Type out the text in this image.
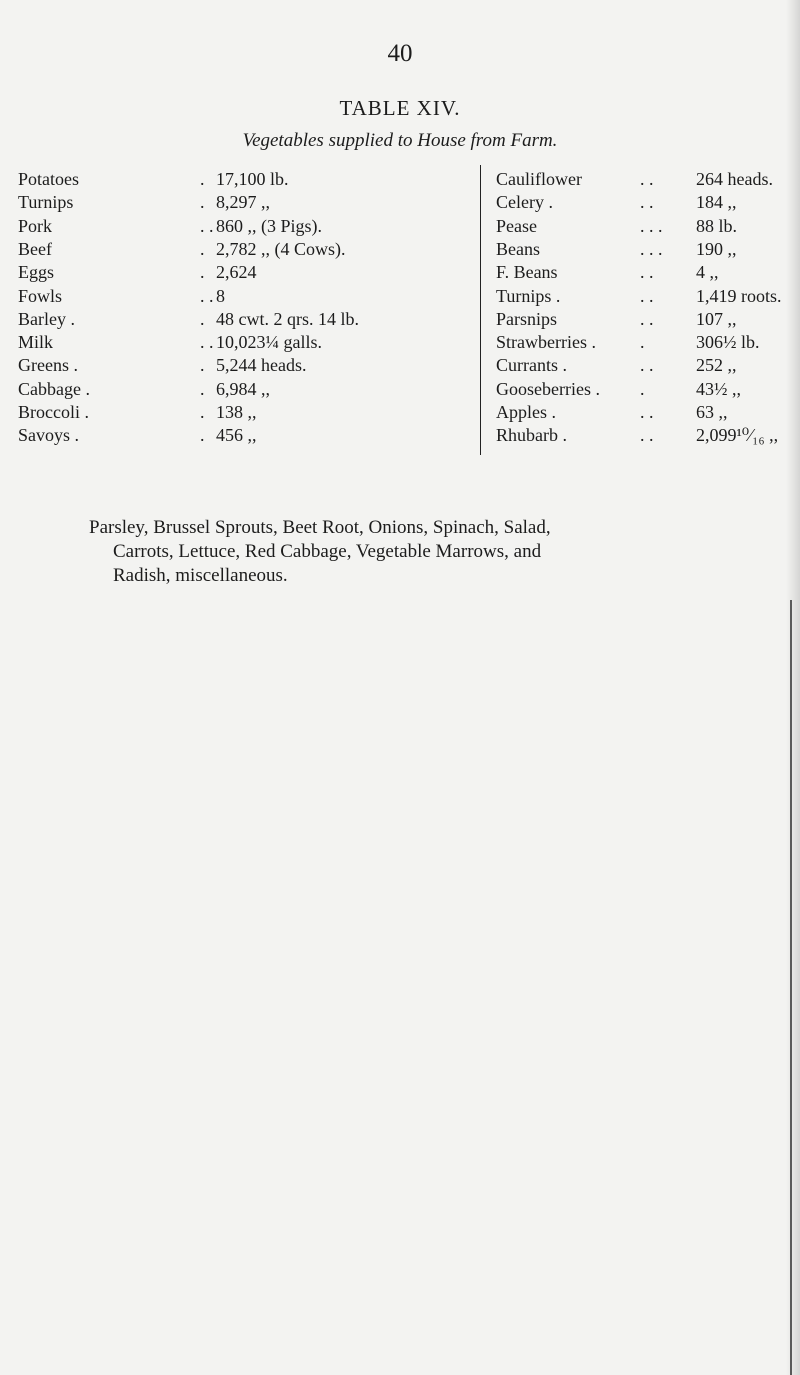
40
TABLE XIV.
Vegetables supplied to House from Farm.
Potatoes	. 17,100 lb.
Turnips	. 8,297 ,,
Pork	. . 860 ,, (3 Pigs).
Beef	. 2,782 ,, (4 Cows).
Eggs	. 2,624
Fowls	. . 8
Barley .	. 48 cwt. 2 qrs. 14 lb.
Milk	. . 10,023¼ galls.
Greens .	. 5,244 heads.
Cabbage .	. 6,984 ,,
Broccoli .	. 138 ,,
Savoys .	. 456 ,,
Cauliflower	. . 264 heads.
Celery .	. . 184 ,,
Pease	. . . 88 lb.
Beans	. . . 190 ,,
F. Beans	. . 4 ,,
Turnips .	. . 1,419 roots.
Parsnips	. . 107 ,,
Strawberries . .	306½ lb.
Currants .	. . 252 ,,
Gooseberries . .	43½ ,,
Apples .	. . 63 ,,
Rhubarb .	. . 2,099¹⁰⁄₁₆ ,,
Parsley, Brussel Sprouts, Beet Root, Onions, Spinach, Salad,
Carrots, Lettuce, Red Cabbage, Vegetable Marrows, and
Radish, miscellaneous.
